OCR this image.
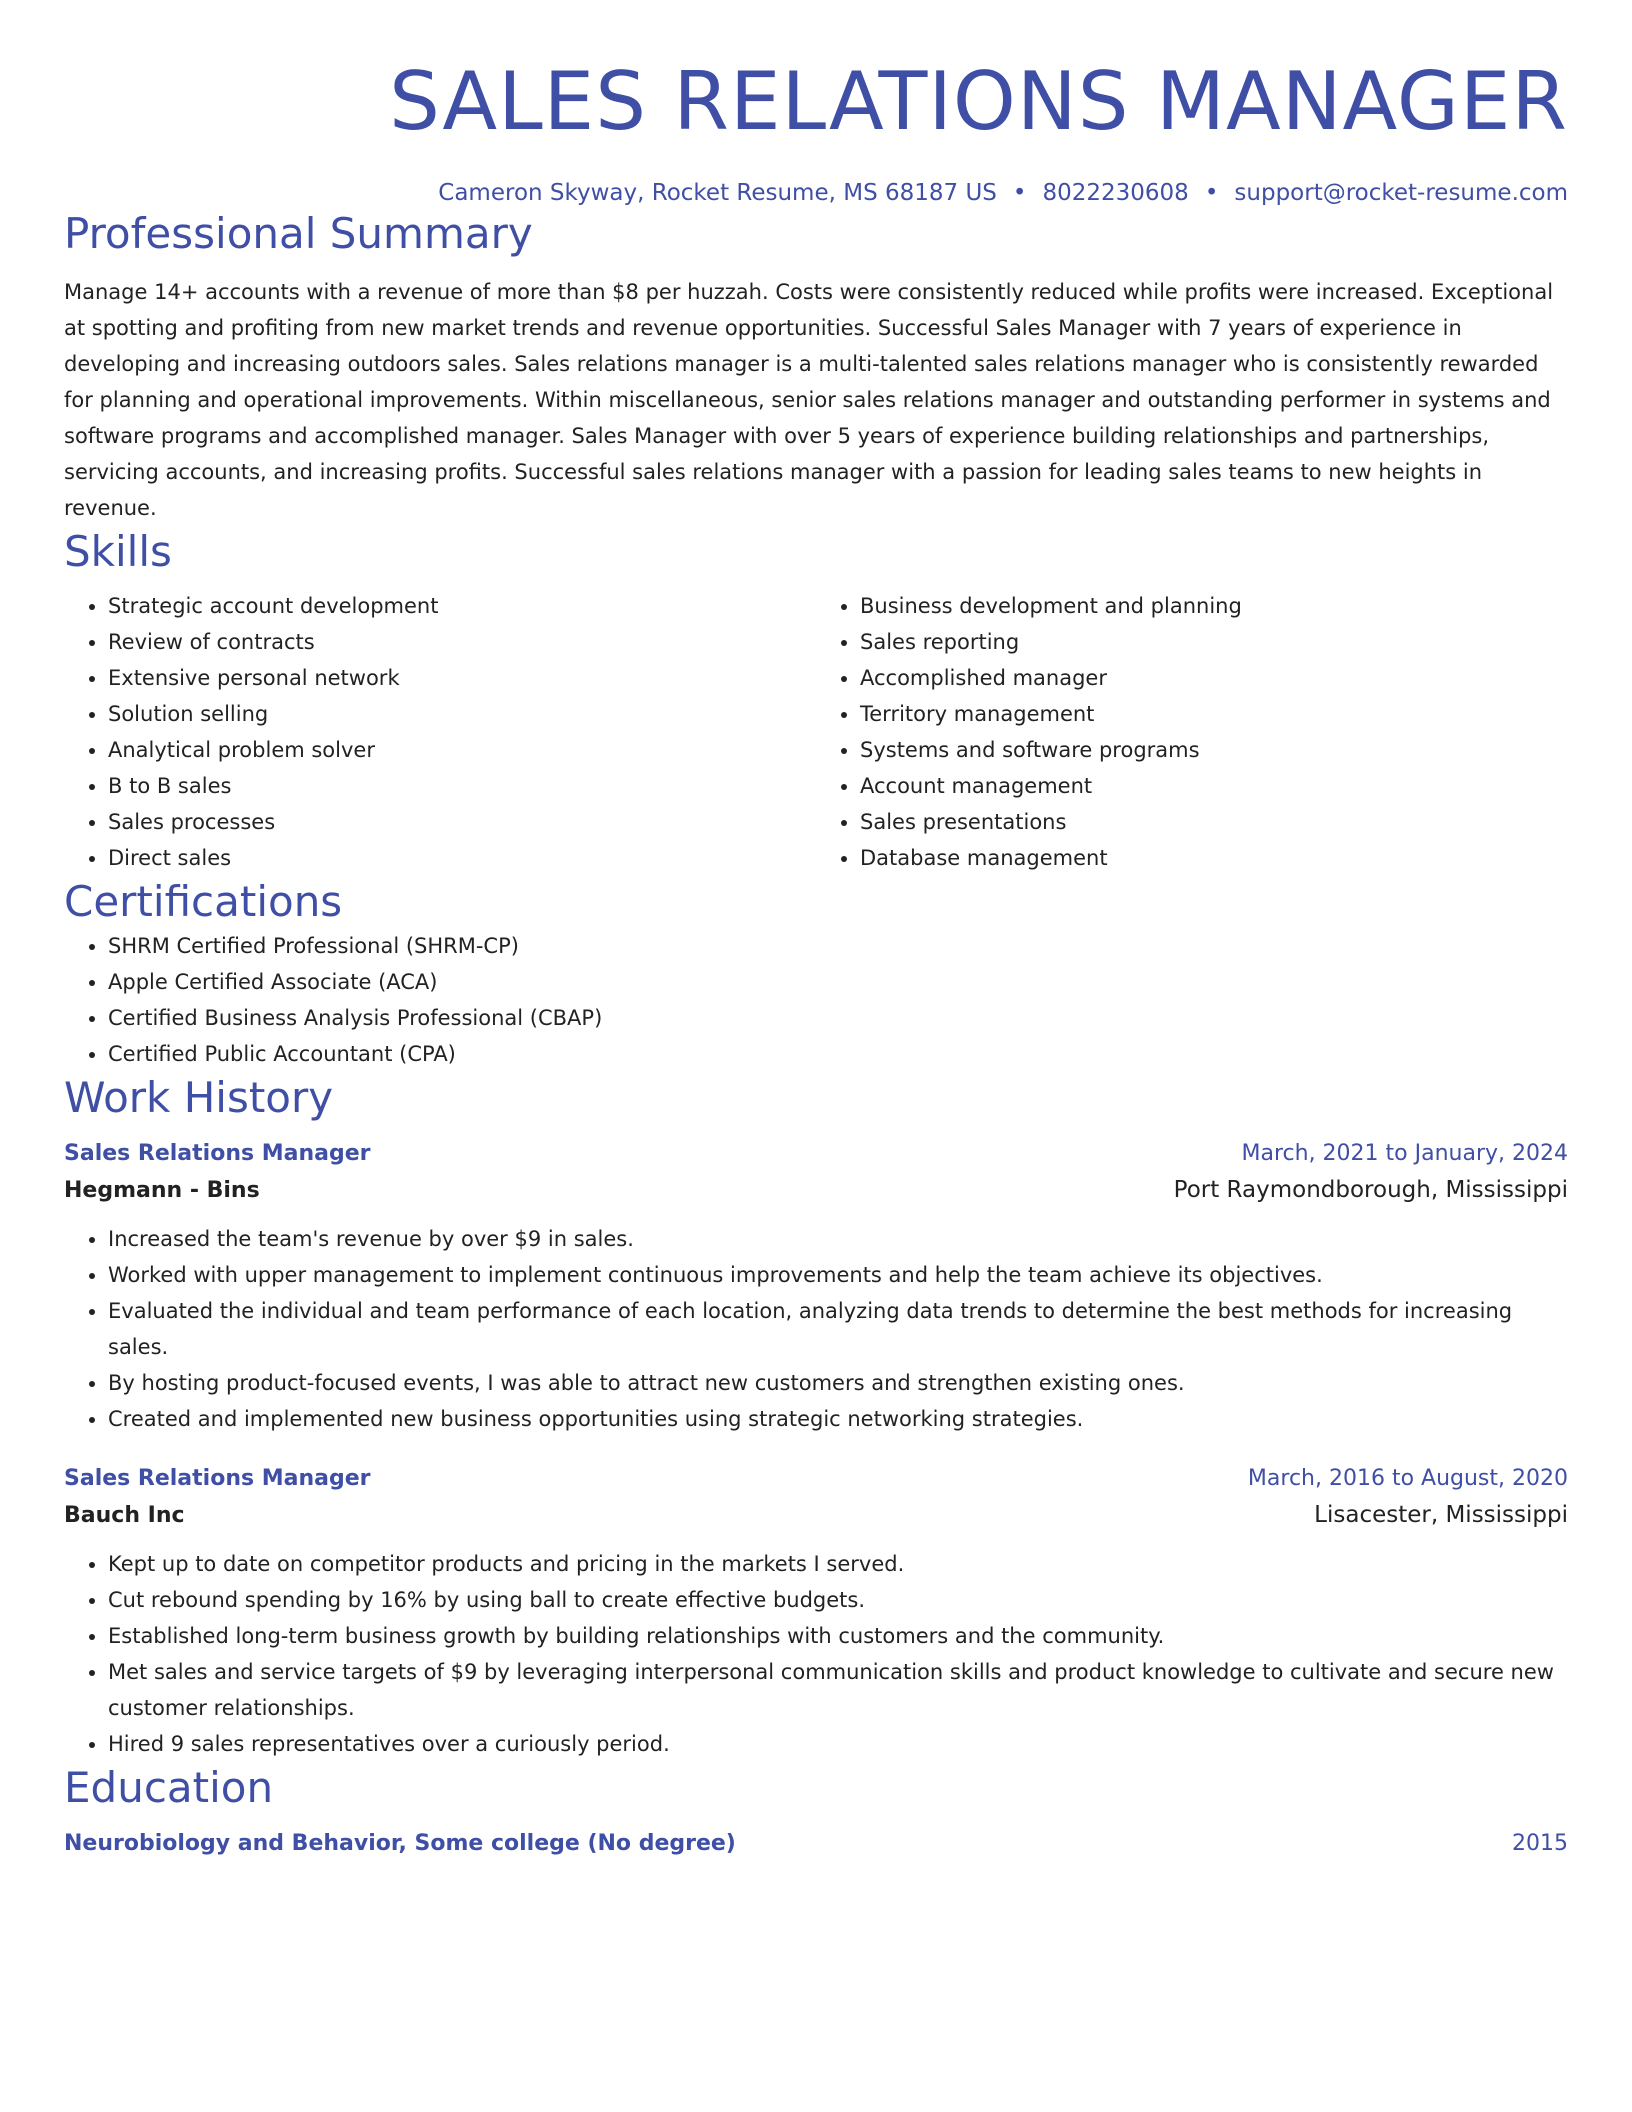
SALES RELATIONS MANAGER
Cameron Skyway, Rocket Resume, MS 68187 US • 8022230608 • support@rocket-resume.com
Professional Summary
Manage 14+ accounts with a revenue of more than $8 per huzzah. Costs were consistently reduced while profits were increased. Exceptional at spotting and profiting from new market trends and revenue opportunities. Successful Sales Manager with 7 years of experience in developing and increasing outdoors sales. Sales relations manager is a multi-talented sales relations manager who is consistently rewarded for planning and operational improvements. Within miscellaneous, senior sales relations manager and outstanding performer in systems and software programs and accomplished manager. Sales Manager with over 5 years of experience building relationships and partnerships, servicing accounts, and increasing profits. Successful sales relations manager with a passion for leading sales teams to new heights in revenue.
Skills
• Strategic account development
• Review of contracts
• Extensive personal network
• Solution selling
• Analytical problem solver
• B to B sales
• Sales processes
• Direct sales
• Business development and planning
• Sales reporting
• Accomplished manager
• Territory management
• Systems and software programs
• Account management
• Sales presentations
• Database management
Certifications
• SHRM Certified Professional (SHRM-CP)
• Apple Certified Associate (ACA)
• Certified Business Analysis Professional (CBAP)
• Certified Public Accountant (CPA)
Work History
Sales Relations Manager	March, 2021 to January, 2024
Hegmann - Bins	Port Raymondborough, Mississippi
• Increased the team's revenue by over $9 in sales.
• Worked with upper management to implement continuous improvements and help the team achieve its objectives.
• Evaluated the individual and team performance of each location, analyzing data trends to determine the best methods for increasing sales.
• By hosting product-focused events, I was able to attract new customers and strengthen existing ones.
• Created and implemented new business opportunities using strategic networking strategies.
Sales Relations Manager	March, 2016 to August, 2020
Bauch Inc	Lisacester, Mississippi
• Kept up to date on competitor products and pricing in the markets I served.
• Cut rebound spending by 16% by using ball to create effective budgets.
• Established long-term business growth by building relationships with customers and the community.
• Met sales and service targets of $9 by leveraging interpersonal communication skills and product knowledge to cultivate and secure new customer relationships.
• Hired 9 sales representatives over a curiously period.
Education
Neurobiology and Behavior, Some college (No degree)	2015
